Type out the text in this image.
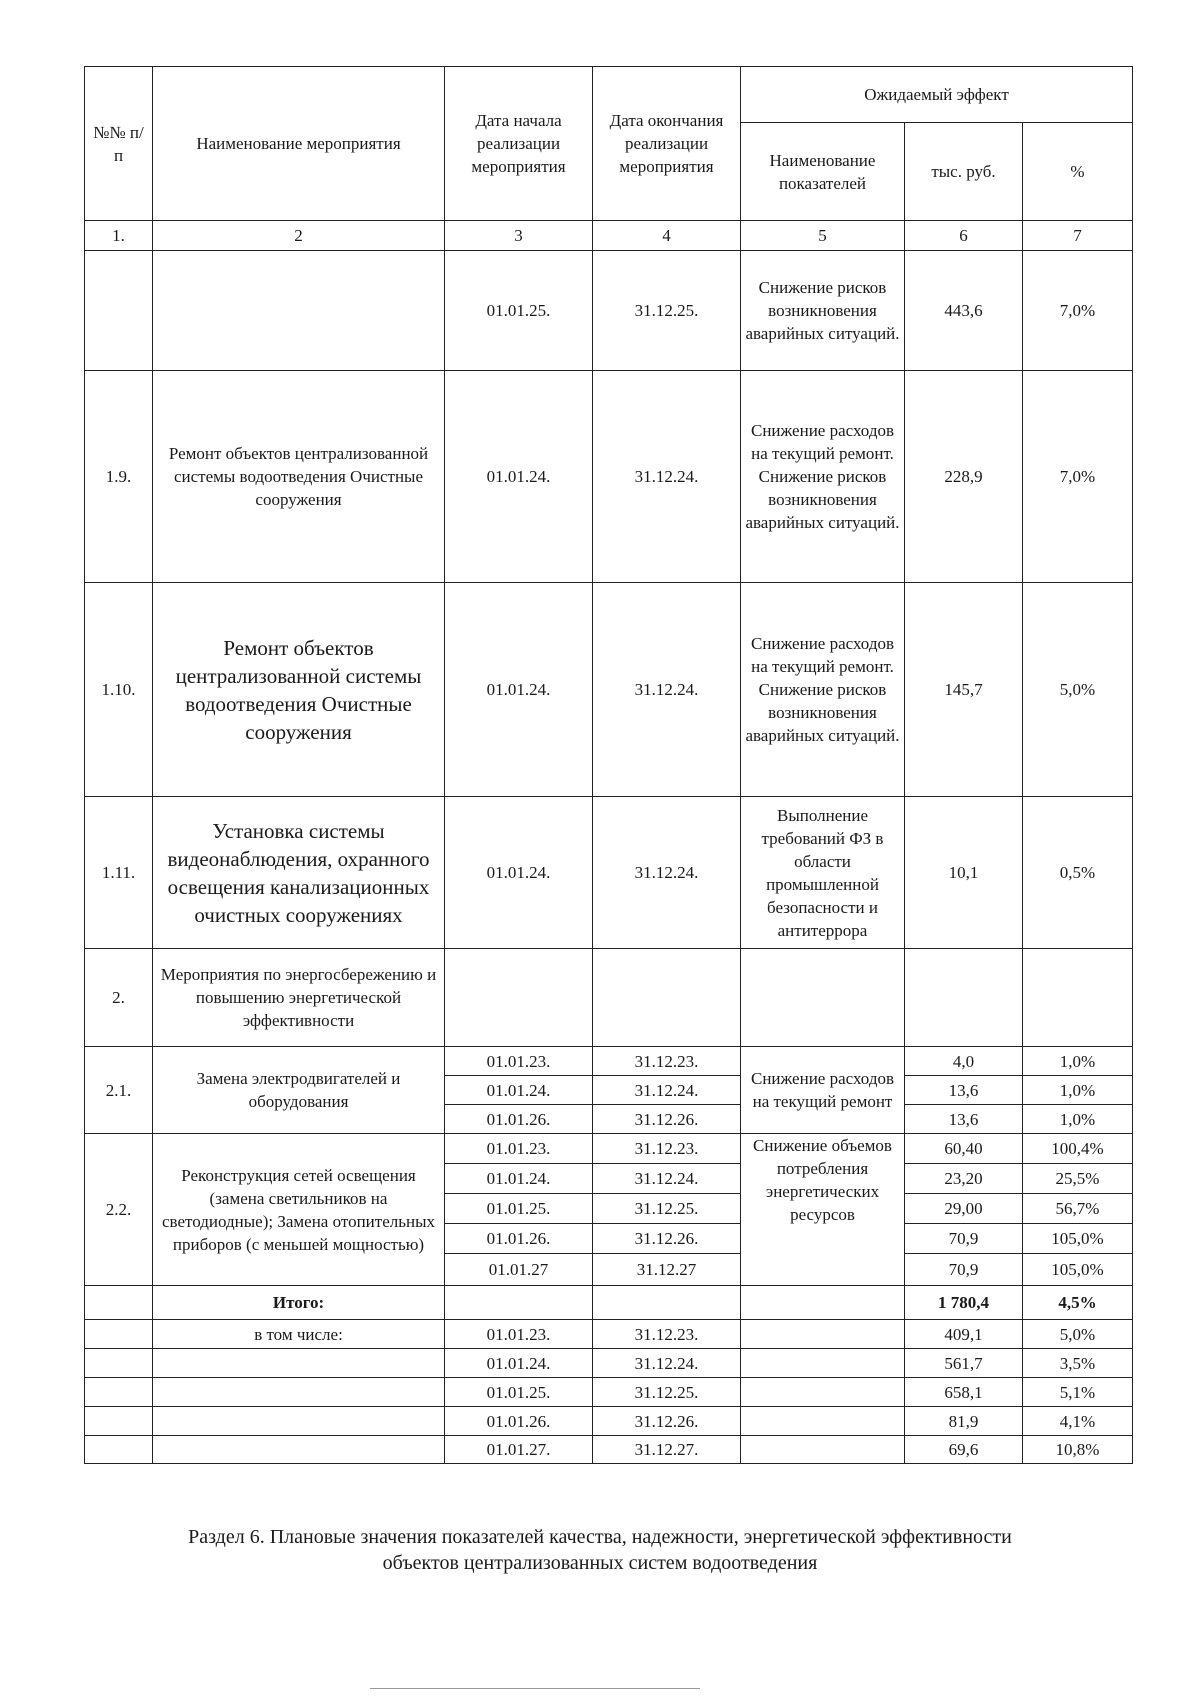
№№ п/п	Наименование мероприятия	Дата начала реализации мероприятия	Дата окончания реализации мероприятия	Ожидаемый эффект		
				Наименование показателей	тыс. руб.	%
1.	2	3	4	5	6	7
		01.01.25.	31.12.25.	Снижение рисков возникновения аварийных ситуаций.	443,6	7,0%
1.9.	Ремонт объектов централизованной системы водоотведения Очистные сооружения	01.01.24.	31.12.24.	Снижение расходов на текущий ремонт. Снижение рисков возникновения аварийных ситуаций.	228,9	7,0%
1.10.	Ремонт объектов централизованной системы водоотведения Очистные сооружения	01.01.24.	31.12.24.	Снижение расходов на текущий ремонт. Снижение рисков возникновения аварийных ситуаций.	145,7	5,0%
1.11.	Установка системы видеонаблюдения, охранного освещения канализационных очистных сооружениях	01.01.24.	31.12.24.	Выполнение требований ФЗ в области промышленной безопасности и антитеррора	10,1	0,5%
2.	Мероприятия по энергосбережению и повышению энергетической эффективности					
2.1.	Замена электродвигателей и оборудования	01.01.23.	31.12.23.	Снижение расходов на текущий ремонт	4,0	1,0%
		01.01.24.	31.12.24.		13,6	1,0%
		01.01.26.	31.12.26.		13,6	1,0%
2.2.	Реконструкция сетей освещения (замена светильников на светодиодные); Замена отопительных приборов (с меньшей мощностью)	01.01.23.	31.12.23.	Снижение объемов потребления энергетических ресурсов	60,40	100,4%
		01.01.24.	31.12.24.		23,20	25,5%
		01.01.25.	31.12.25.		29,00	56,7%
		01.01.26.	31.12.26.		70,9	105,0%
		01.01.27	31.12.27		70,9	105,0%
	Итого:				1 780,4	4,5%
	в том числе:	01.01.23.	31.12.23.		409,1	5,0%
		01.01.24.	31.12.24.		561,7	3,5%
		01.01.25.	31.12.25.		658,1	5,1%
		01.01.26.	31.12.26.		81,9	4,1%
		01.01.27.	31.12.27.		69,6	10,8%
Раздел 6. Плановые значения показателей качества, надежности, энергетической эффективности
объектов централизованных систем водоотведения
